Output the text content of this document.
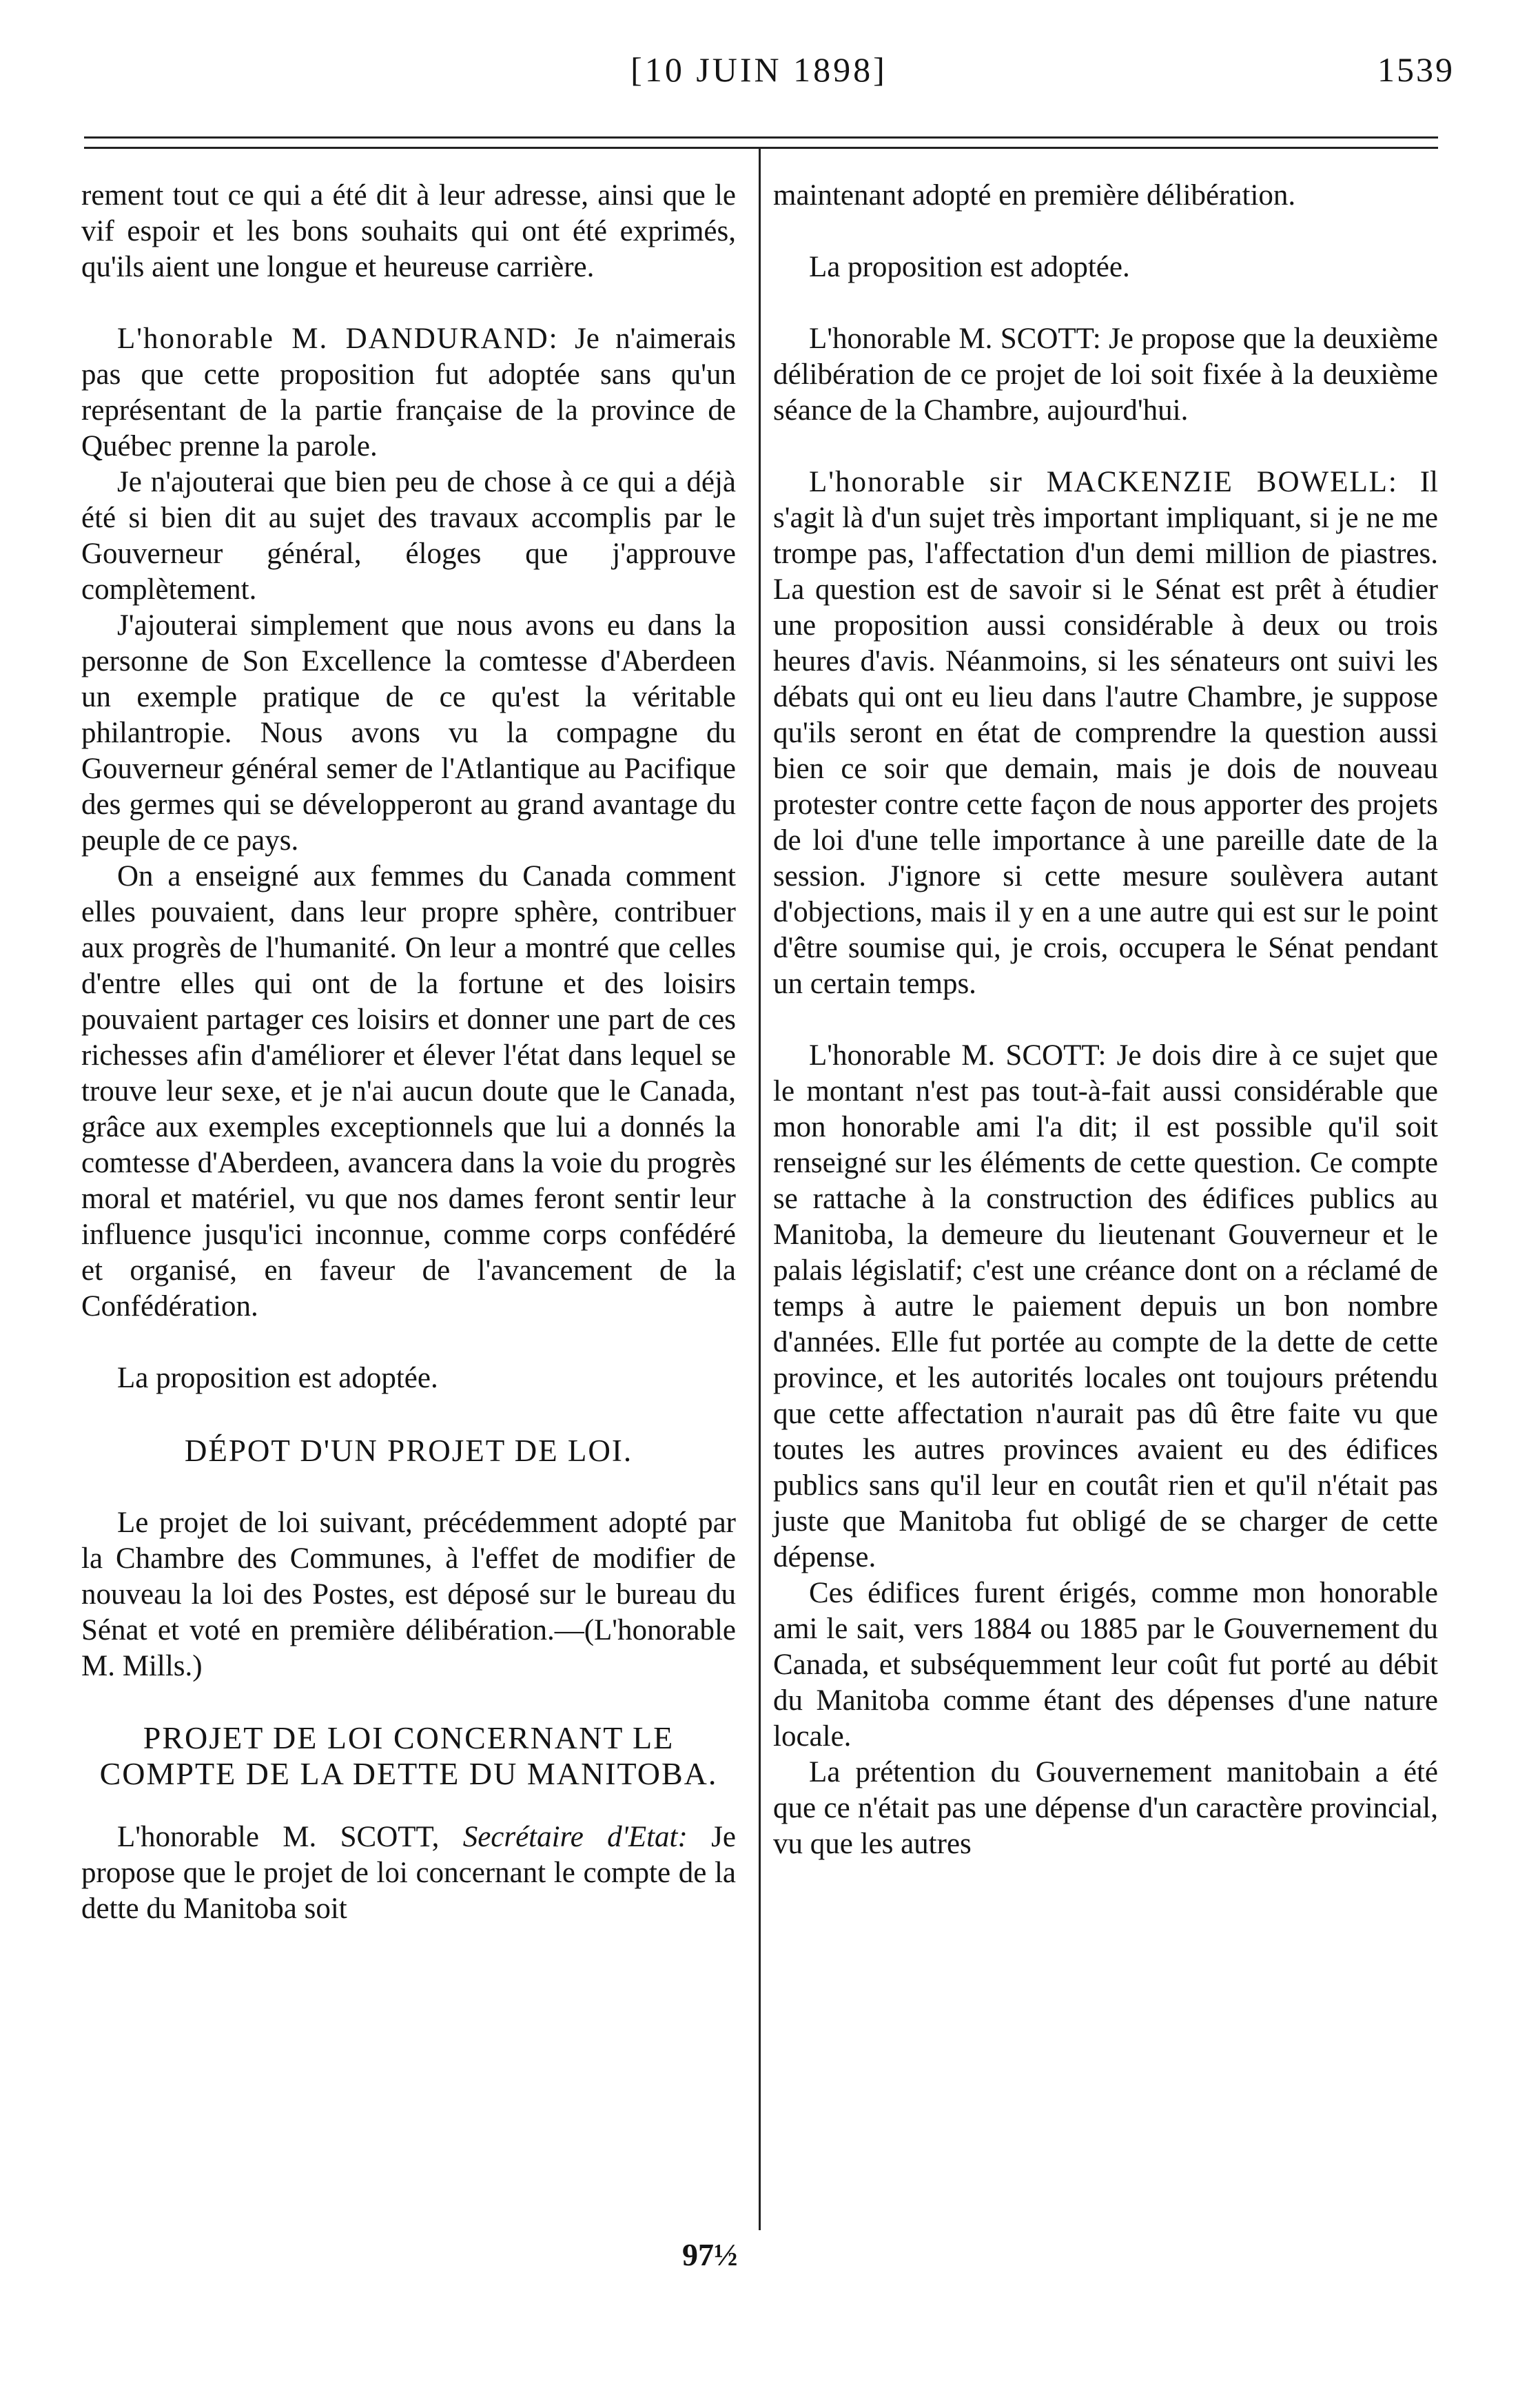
[10 JUIN 1898]	1539

rement tout ce qui a été dit à leur adresse, ainsi que le vif espoir et les bons souhaits qui ont été exprimés, qu'ils aient une longue et heureuse carrière.

L'honorable M. DANDURAND: Je n'aimerais pas que cette proposition fut adoptée sans qu'un représentant de la partie française de la province de Québec prenne la parole.

Je n'ajouterai que bien peu de chose à ce qui a déjà été si bien dit au sujet des travaux accomplis par le Gouverneur général, éloges que j'approuve complètement.

J'ajouterai simplement que nous avons eu dans la personne de Son Excellence la comtesse d'Aberdeen un exemple pratique de ce qu'est la véritable philantropie. Nous avons vu la compagne du Gouverneur général semer de l'Atlantique au Pacifique des germes qui se développeront au grand avantage du peuple de ce pays.

On a enseigné aux femmes du Canada comment elles pouvaient, dans leur propre sphère, contribuer aux progrès de l'humanité. On leur a montré que celles d'entre elles qui ont de la fortune et des loisirs pouvaient partager ces loisirs et donner une part de ces richesses afin d'améliorer et élever l'état dans lequel se trouve leur sexe, et je n'ai aucun doute que le Canada, grâce aux exemples exceptionnels que lui a donnés la comtesse d'Aberdeen, avancera dans la voie du progrès moral et matériel, vu que nos dames feront sentir leur influence jusqu'ici inconnue, comme corps confédéré et organisé, en faveur de l'avancement de la Confédération.

La proposition est adoptée.

DÉPOT D'UN PROJET DE LOI.

Le projet de loi suivant, précédemment adopté par la Chambre des Communes, à l'effet de modifier de nouveau la loi des Postes, est déposé sur le bureau du Sénat et voté en première délibération.—(L'honorable M. Mills.)

PROJET DE LOI CONCERNANT LE COMPTE DE LA DETTE DU MANITOBA.

L'honorable M. SCOTT, Secrétaire d'Etat: Je propose que le projet de loi concernant le compte de la dette du Manitoba soit

maintenant adopté en première délibération.

La proposition est adoptée.

L'honorable M. SCOTT: Je propose que la deuxième délibération de ce projet de loi soit fixée à la deuxième séance de la Chambre, aujourd'hui.

L'honorable sir MACKENZIE BOWELL: Il s'agit là d'un sujet très important impliquant, si je ne me trompe pas, l'affectation d'un demi million de piastres. La question est de savoir si le Sénat est prêt à étudier une proposition aussi considérable à deux ou trois heures d'avis. Néanmoins, si les sénateurs ont suivi les débats qui ont eu lieu dans l'autre Chambre, je suppose qu'ils seront en état de comprendre la question aussi bien ce soir que demain, mais je dois de nouveau protester contre cette façon de nous apporter des projets de loi d'une telle importance à une pareille date de la session. J'ignore si cette mesure soulèvera autant d'objections, mais il y en a une autre qui est sur le point d'être soumise qui, je crois, occupera le Sénat pendant un certain temps.

L'honorable M. SCOTT: Je dois dire à ce sujet que le montant n'est pas tout-à-fait aussi considérable que mon honorable ami l'a dit; il est possible qu'il soit renseigné sur les éléments de cette question. Ce compte se rattache à la construction des édifices publics au Manitoba, la demeure du lieutenant Gouverneur et le palais législatif; c'est une créance dont on a réclamé de temps à autre le paiement depuis un bon nombre d'années. Elle fut portée au compte de la dette de cette province, et les autorités locales ont toujours prétendu que cette affectation n'aurait pas dû être faite vu que toutes les autres provinces avaient eu des édifices publics sans qu'il leur en coutât rien et qu'il n'était pas juste que Manitoba fut obligé de se charger de cette dépense.

Ces édifices furent érigés, comme mon honorable ami le sait, vers 1884 ou 1885 par le Gouvernement du Canada, et subséquemment leur coût fut porté au débit du Manitoba comme étant des dépenses d'une nature locale.

La prétention du Gouvernement manitobain a été que ce n'était pas une dépense d'un caractère provincial, vu que les autres

97½
